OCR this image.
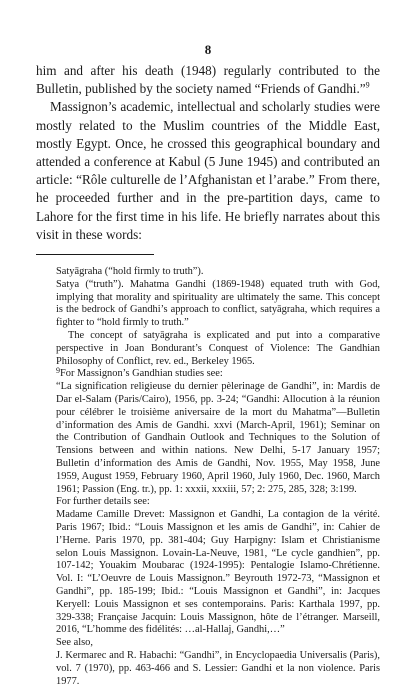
8

him and after his death (1948) regularly contributed to the Bulletin, published by the society named “Friends of Gandhi.”$^9$

Massignon’s academic, intellectual and scholarly studies were mostly related to the Muslim countries of the Middle East, mostly Egypt. Once, he crossed this geographical boundary and attended a conference at Kabul (5 June 1945) and contributed an article: “Rôle culturelle de l’Afghanistan et l’arabe.” From there, he proceeded further and in the pre-partition days, came to Lahore for the first time in his life. He briefly narrates about this visit in these words:

Satyāgraha (“hold firmly to truth”).

Satya (“truth”). Mahatma Gandhi (1869-1948) equated truth with God, implying that morality and spirituality are ultimately the same. This concept is the bedrock of Gandhi’s approach to conflict, satyāgraha, which requires a fighter to “hold firmly to truth.”

The concept of satyāgraha is explicated and put into a comparative perspective in Joan Bondurant’s Conquest of Violence: The Gandhian Philosophy of Conflict, rev. ed., Berkeley 1965.

$^9$For Massignon’s Gandhian studies see:

“La signification religieuse du dernier pèlerinage de Gandhi”, in: Mardis de Dar el-Salam (Paris/Cairo), 1956, pp. 3-24; “Gandhi: Allocution à la réunion pour célébrer le troisième aniversaire de la mort du Mahatma”—Bulletin d’information des Amis de Gandhi. xxvi (March-April, 1961); Seminar on the Contribution of Gandhain Outlook and Techniques to the Solution of Tensions between and within nations. New Delhi, 5-17 January 1957; Bulletin d’information des Amis de Gandhi, Nov. 1955, May 1958, June 1959, August 1959, February 1960, April 1960, July 1960, Dec. 1960, March 1961; Passion (Eng. tr.), pp. 1: xxxii, xxxiii, 57; 2: 275, 285, 328; 3:199.

For further details see:

Madame Camille Drevet: Massignon et Gandhi, La contagion de la vérité. Paris 1967; Ibid.: “Louis Massignon et les amis de Gandhi”, in: Cahier de l’Herne. Paris 1970, pp. 381-404; Guy Harpigny: Islam et Christianisme selon Louis Massignon. Lovain-La-Neuve, 1981, “Le cycle gandhien”, pp. 107-142; Youakim Moubarac (1924-1995): Pentalogie Islamo-Chrétienne. Vol. I: “L’Oeuvre de Louis Massignon.” Beyrouth 1972-73, “Massignon et Gandhi”, pp. 185-199; Ibid.: “Louis Massignon et Gandhi”, in: Jacques Keryell: Louis Massignon et ses contemporains. Paris: Karthala 1997, pp. 329-338; Française Jacquin: Louis Massignon, hôte de l’étranger. Marseill, 2016, “L’homme des fidélités: …al-Hallaj, Gandhi,…”

See also,

J. Kermarec and R. Habachi: “Gandhi”, in Encyclopaedia Universalis (Paris), vol. 7 (1970), pp. 463-466 and S. Lessier: Gandhi et la non violence. Paris 1977.
